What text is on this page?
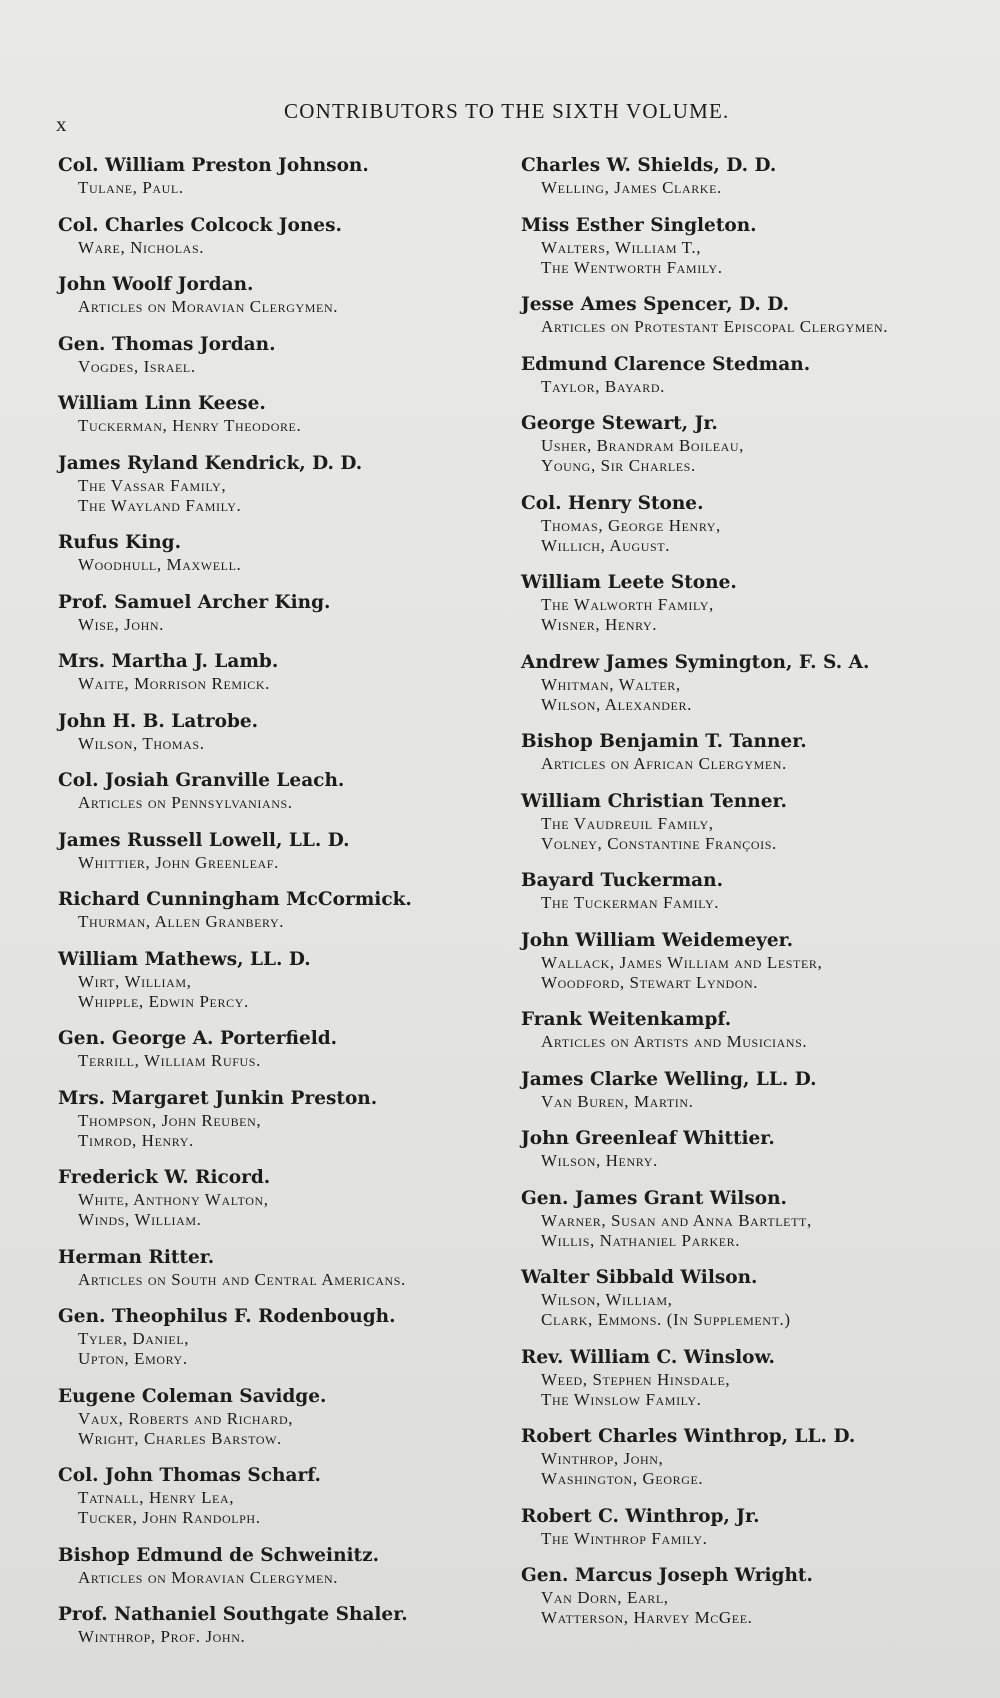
x
CONTRIBUTORS TO THE SIXTH VOLUME.
Col. William Preston Johnson.
Tulane, Paul.
Col. Charles Colcock Jones.
Ware, Nicholas.
John Woolf Jordan.
Articles on Moravian Clergymen.
Gen. Thomas Jordan.
Vogdes, Israel.
William Linn Keese.
Tuckerman, Henry Theodore.
James Ryland Kendrick, D. D.
The Vassar Family,
The Wayland Family.
Rufus King.
Woodhull, Maxwell.
Prof. Samuel Archer King.
Wise, John.
Mrs. Martha J. Lamb.
Waite, Morrison Remick.
John H. B. Latrobe.
Wilson, Thomas.
Col. Josiah Granville Leach.
Articles on Pennsylvanians.
James Russell Lowell, LL. D.
Whittier, John Greenleaf.
Richard Cunningham McCormick.
Thurman, Allen Granbery.
William Mathews, LL. D.
Wirt, William,
Whipple, Edwin Percy.
Gen. George A. Porterfield.
Terrill, William Rufus.
Mrs. Margaret Junkin Preston.
Thompson, John Reuben,
Timrod, Henry.
Frederick W. Ricord.
White, Anthony Walton,
Winds, William.
Herman Ritter.
Articles on South and Central Americans.
Gen. Theophilus F. Rodenbough.
Tyler, Daniel,
Upton, Emory.
Eugene Coleman Savidge.
Vaux, Roberts and Richard,
Wright, Charles Barstow.
Col. John Thomas Scharf.
Tatnall, Henry Lea,
Tucker, John Randolph.
Bishop Edmund de Schweinitz.
Articles on Moravian Clergymen.
Prof. Nathaniel Southgate Shaler.
Winthrop, Prof. John.
Charles W. Shields, D. D.
Welling, James Clarke.
Miss Esther Singleton.
Walters, William T.,
The Wentworth Family.
Jesse Ames Spencer, D. D.
Articles on Protestant Episcopal Clergymen.
Edmund Clarence Stedman.
Taylor, Bayard.
George Stewart, Jr.
Usher, Brandram Boileau,
Young, Sir Charles.
Col. Henry Stone.
Thomas, George Henry,
Willich, August.
William Leete Stone.
The Walworth Family,
Wisner, Henry.
Andrew James Symington, F. S. A.
Whitman, Walter,
Wilson, Alexander.
Bishop Benjamin T. Tanner.
Articles on African Clergymen.
William Christian Tenner.
The Vaudreuil Family,
Volney, Constantine François.
Bayard Tuckerman.
The Tuckerman Family.
John William Weidemeyer.
Wallack, James William and Lester,
Woodford, Stewart Lyndon.
Frank Weitenkampf.
Articles on Artists and Musicians.
James Clarke Welling, LL. D.
Van Buren, Martin.
John Greenleaf Whittier.
Wilson, Henry.
Gen. James Grant Wilson.
Warner, Susan and Anna Bartlett,
Willis, Nathaniel Parker.
Walter Sibbald Wilson.
Wilson, William,
Clark, Emmons. (In Supplement.)
Rev. William C. Winslow.
Weed, Stephen Hinsdale,
The Winslow Family.
Robert Charles Winthrop, LL. D.
Winthrop, John,
Washington, George.
Robert C. Winthrop, Jr.
The Winthrop Family.
Gen. Marcus Joseph Wright.
Van Dorn, Earl,
Watterson, Harvey McGee.
